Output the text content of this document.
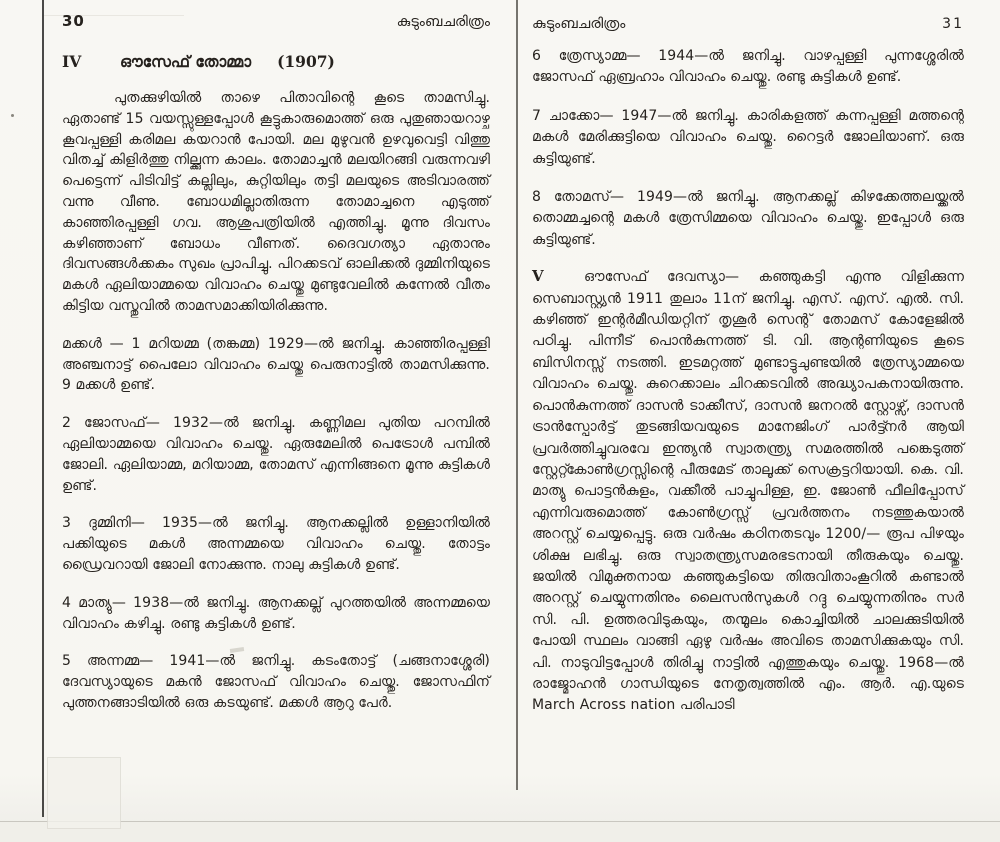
30	കുടുംബചരിത്രം
IV	ഔസേഫ് തോമ്മാ (1907)

പുതക്കുഴിയിൽ താഴെ പിതാവിന്റെ കൂടെ താമസിച്ചു. ഏതാണ്ട് 15 വയസ്സുള്ളപ്പോൾ കൂട്ടുകാരുമൊത്ത് ഒരു പുതുഞായറാഴ്ച കൂവപ്പള്ളി കരിമല കയറാൻ പോയി. മല മുഴുവൻ ഉഴവുവെട്ടി വിത്തു വിതച്ച് കിളിർത്തു നില്ക്കുന്ന കാലം. തോമാച്ചൻ മലയിറങ്ങി വരുന്നവഴി പെട്ടെന്ന് പിടിവിട്ട് കല്ലിലും, കുറ്റിയിലും തട്ടി മലയുടെ അടിവാരത്ത് വന്നു വീണു. ബോധമില്ലാതിരുന്ന തോമാച്ചനെ എടുത്ത് കാഞ്ഞിരപ്പള്ളി ഗവ. ആശുപത്രിയിൽ എത്തിച്ചു. മൂന്നു ദിവസം കഴിഞ്ഞാണ് ബോധം വീണത്. ദൈവഗത്യാ ഏതാനും ദിവസങ്ങൾക്കകം സുഖം പ്രാപിച്ചു. പിറക്കടവ് ഓലിക്കൽ ദുമ്മിനിയുടെ മകൾ ഏലിയാമ്മയെ വിവാഹം ചെയ്തു മുണ്ടുവേലിൽ കന്നേൽ വീതം കിട്ടിയ വസ്തുവിൽ താമസമാക്കിയിരിക്കുന്നു.

മക്കൾ — 1 മറിയമ്മ (തങ്കമ്മ) 1929—ൽ ജനിച്ചു. കാഞ്ഞിരപ്പള്ളി അഞ്ചനാട്ട് പൈലോ വിവാഹം ചെയ്തു പെരുനാട്ടിൽ താമസിക്കുന്നു. 9 മക്കൾ ഉണ്ട്.

2 ജോസഫ്— 1932—ൽ ജനിച്ചു. കണ്ണിമല പുതിയ പറമ്പിൽ ഏലിയാമ്മയെ വിവാഹം ചെയ്തു. ഏരുമേലിൽ പെട്രോൾ പമ്പിൽ ജോലി. ഏലിയാമ്മ, മറിയാമ്മ, തോമസ് എന്നിങ്ങനെ മൂന്നു കുട്ടികൾ ഉണ്ട്.

3 ദുമ്മിനി— 1935—ൽ ജനിച്ചു. ആനക്കല്ലിൽ ഉള്ളാനിയിൽ പക്കിയുടെ മകൾ അന്നമ്മയെ വിവാഹം ചെയ്തു. തോട്ടം ഡ്രൈവറായി ജോലി നോക്കുന്നു. നാലു കുട്ടികൾ ഉണ്ട്.

4 മാത്യു— 1938—ൽ ജനിച്ചു. ആനക്കല്ല് പുറത്തയിൽ അന്നമ്മയെ വിവാഹം കഴിച്ചു. രണ്ടു കുട്ടികൾ ഉണ്ട്.

5 അന്നമ്മ— 1941—ൽ ജനിച്ചു. കടംതോട്ട് (ചങ്ങനാശ്ശേരി) ദേവസ്യായുടെ മകൻ ജോസഫ് വിവാഹം ചെയ്തു. ജോസഫിന് പുത്തനങ്ങാടിയിൽ ഒരു കടയുണ്ട്. മക്കൾ ആറു പേർ.

കുടുംബചരിത്രം	31

6 ത്രേസ്യാമ്മ— 1944—ൽ ജനിച്ചു. വാഴപ്പള്ളി പുന്നശ്ശേരിൽ ജോസഫ് ഏബ്രഹാം വിവാഹം ചെയ്തു. രണ്ടു കുട്ടികൾ ഉണ്ട്.

7 ചാക്കോ— 1947—ൽ ജനിച്ചു. കാരികളത്ത് കന്നപ്പള്ളി മത്തന്റെ മകൾ മേരിക്കുട്ടിയെ വിവാഹം ചെയ്തു. റൈട്ടർ ജോലിയാണ്. ഒരു കുട്ടിയുണ്ട്.

8 തോമസ്— 1949—ൽ ജനിച്ചു. ആനക്കല്ല് കിഴക്കേത്തലയ്ക്കൽ തൊമ്മച്ചന്റെ മകൾ ത്രേസിമ്മയെ വിവാഹം ചെയ്തു. ഇപ്പോൾ ഒരു കുട്ടിയുണ്ട്.

V	ഔസേഫ് ദേവസ്യാ— കഞ്ഞുകട്ടി എന്നു വിളിക്കുന്ന സെബാസ്റ്റ്യൻ 1911 തുലാം 11ന് ജനിച്ചു. എസ്. എസ്. എൽ. സി. കഴിഞ്ഞ് ഇന്റർമീഡിയറ്റിന് തൃശൂർ സെന്റ് തോമസ് കോളേജിൽ പഠിച്ചു. പിന്നീട് പൊൻകുന്നത്ത് ടി. വി. ആന്റണിയുടെ കൂടെ ബിസിനസ്സ് നടത്തി. ഇടമറ്റത്ത് മുണ്ടാട്ടുചുണ്ടയിൽ ത്രേസ്യാമ്മയെ വിവാഹം ചെയ്തു. കുറെക്കാലം ചിറക്കടവിൽ അദ്ധ്യാപകനായിരുന്നു. പൊൻകുന്നത്ത് ദാസൻ ടാക്കീസ്, ദാസൻ ജനറൽ സ്റ്റോഴ്സ്, ദാസൻ ട്രാൻസ്പോർട്ട് തുടങ്ങിയവയുടെ മാനേജിംഗ് പാർട്ട്നർ ആയി പ്രവർത്തിച്ചുവരവേ ഇന്ത്യൻ സ്വാതന്ത്ര്യ സമരത്തിൽ പങ്കെടുത്ത് സ്റ്റേറ്റ്കോൺഗ്രസ്സിന്റെ പീരുമേട് താലൂക്ക് സെക്രട്ടറിയായി. കെ. വി. മാത്യു പൊട്ടൻകുളം, വക്കീൽ പാച്ചുപിള്ള, ഇ. ജോൺ ഫീലിപ്പോസ് എന്നിവരുമൊത്ത് കോൺഗ്രസ്സ് പ്രവർത്തനം നടത്തുകയാൽ അറസ്റ്റ് ചെയ്യപ്പെട്ടു. ഒരു വർഷം കഠിനതടവും 1200/— രൂപ പിഴയും ശിക്ഷ ലഭിച്ചു. ഒരു സ്വാതന്ത്ര്യസമരഭടനായി തീരുകയും ചെയ്തു. ജയിൽ വിമുക്തനായ കഞ്ഞുകട്ടിയെ തിരുവിതാംകൂറിൽ കണ്ടാൽ അറസ്റ്റ് ചെയ്യുന്നതിനും ലൈസൻസുകൾ റദ്ദു ചെയ്യുന്നതിനും സർ സി. പി. ഉത്തരവിടുകയും, തന്മൂലം കൊച്ചിയിൽ ചാലക്കുടിയിൽ പോയി സ്ഥലം വാങ്ങി ഏഴു വർഷം അവിടെ താമസിക്കുകയും സി. പി. നാടുവിട്ടപ്പോൾ തിരിച്ചു നാട്ടിൽ എത്തുകയും ചെയ്തു. 1968—ൽ രാജ്മോഹൻ ഗാന്ധിയുടെ നേതൃത്വത്തിൽ എം. ആർ. എ.യുടെ March Across nation പരിപാടി
